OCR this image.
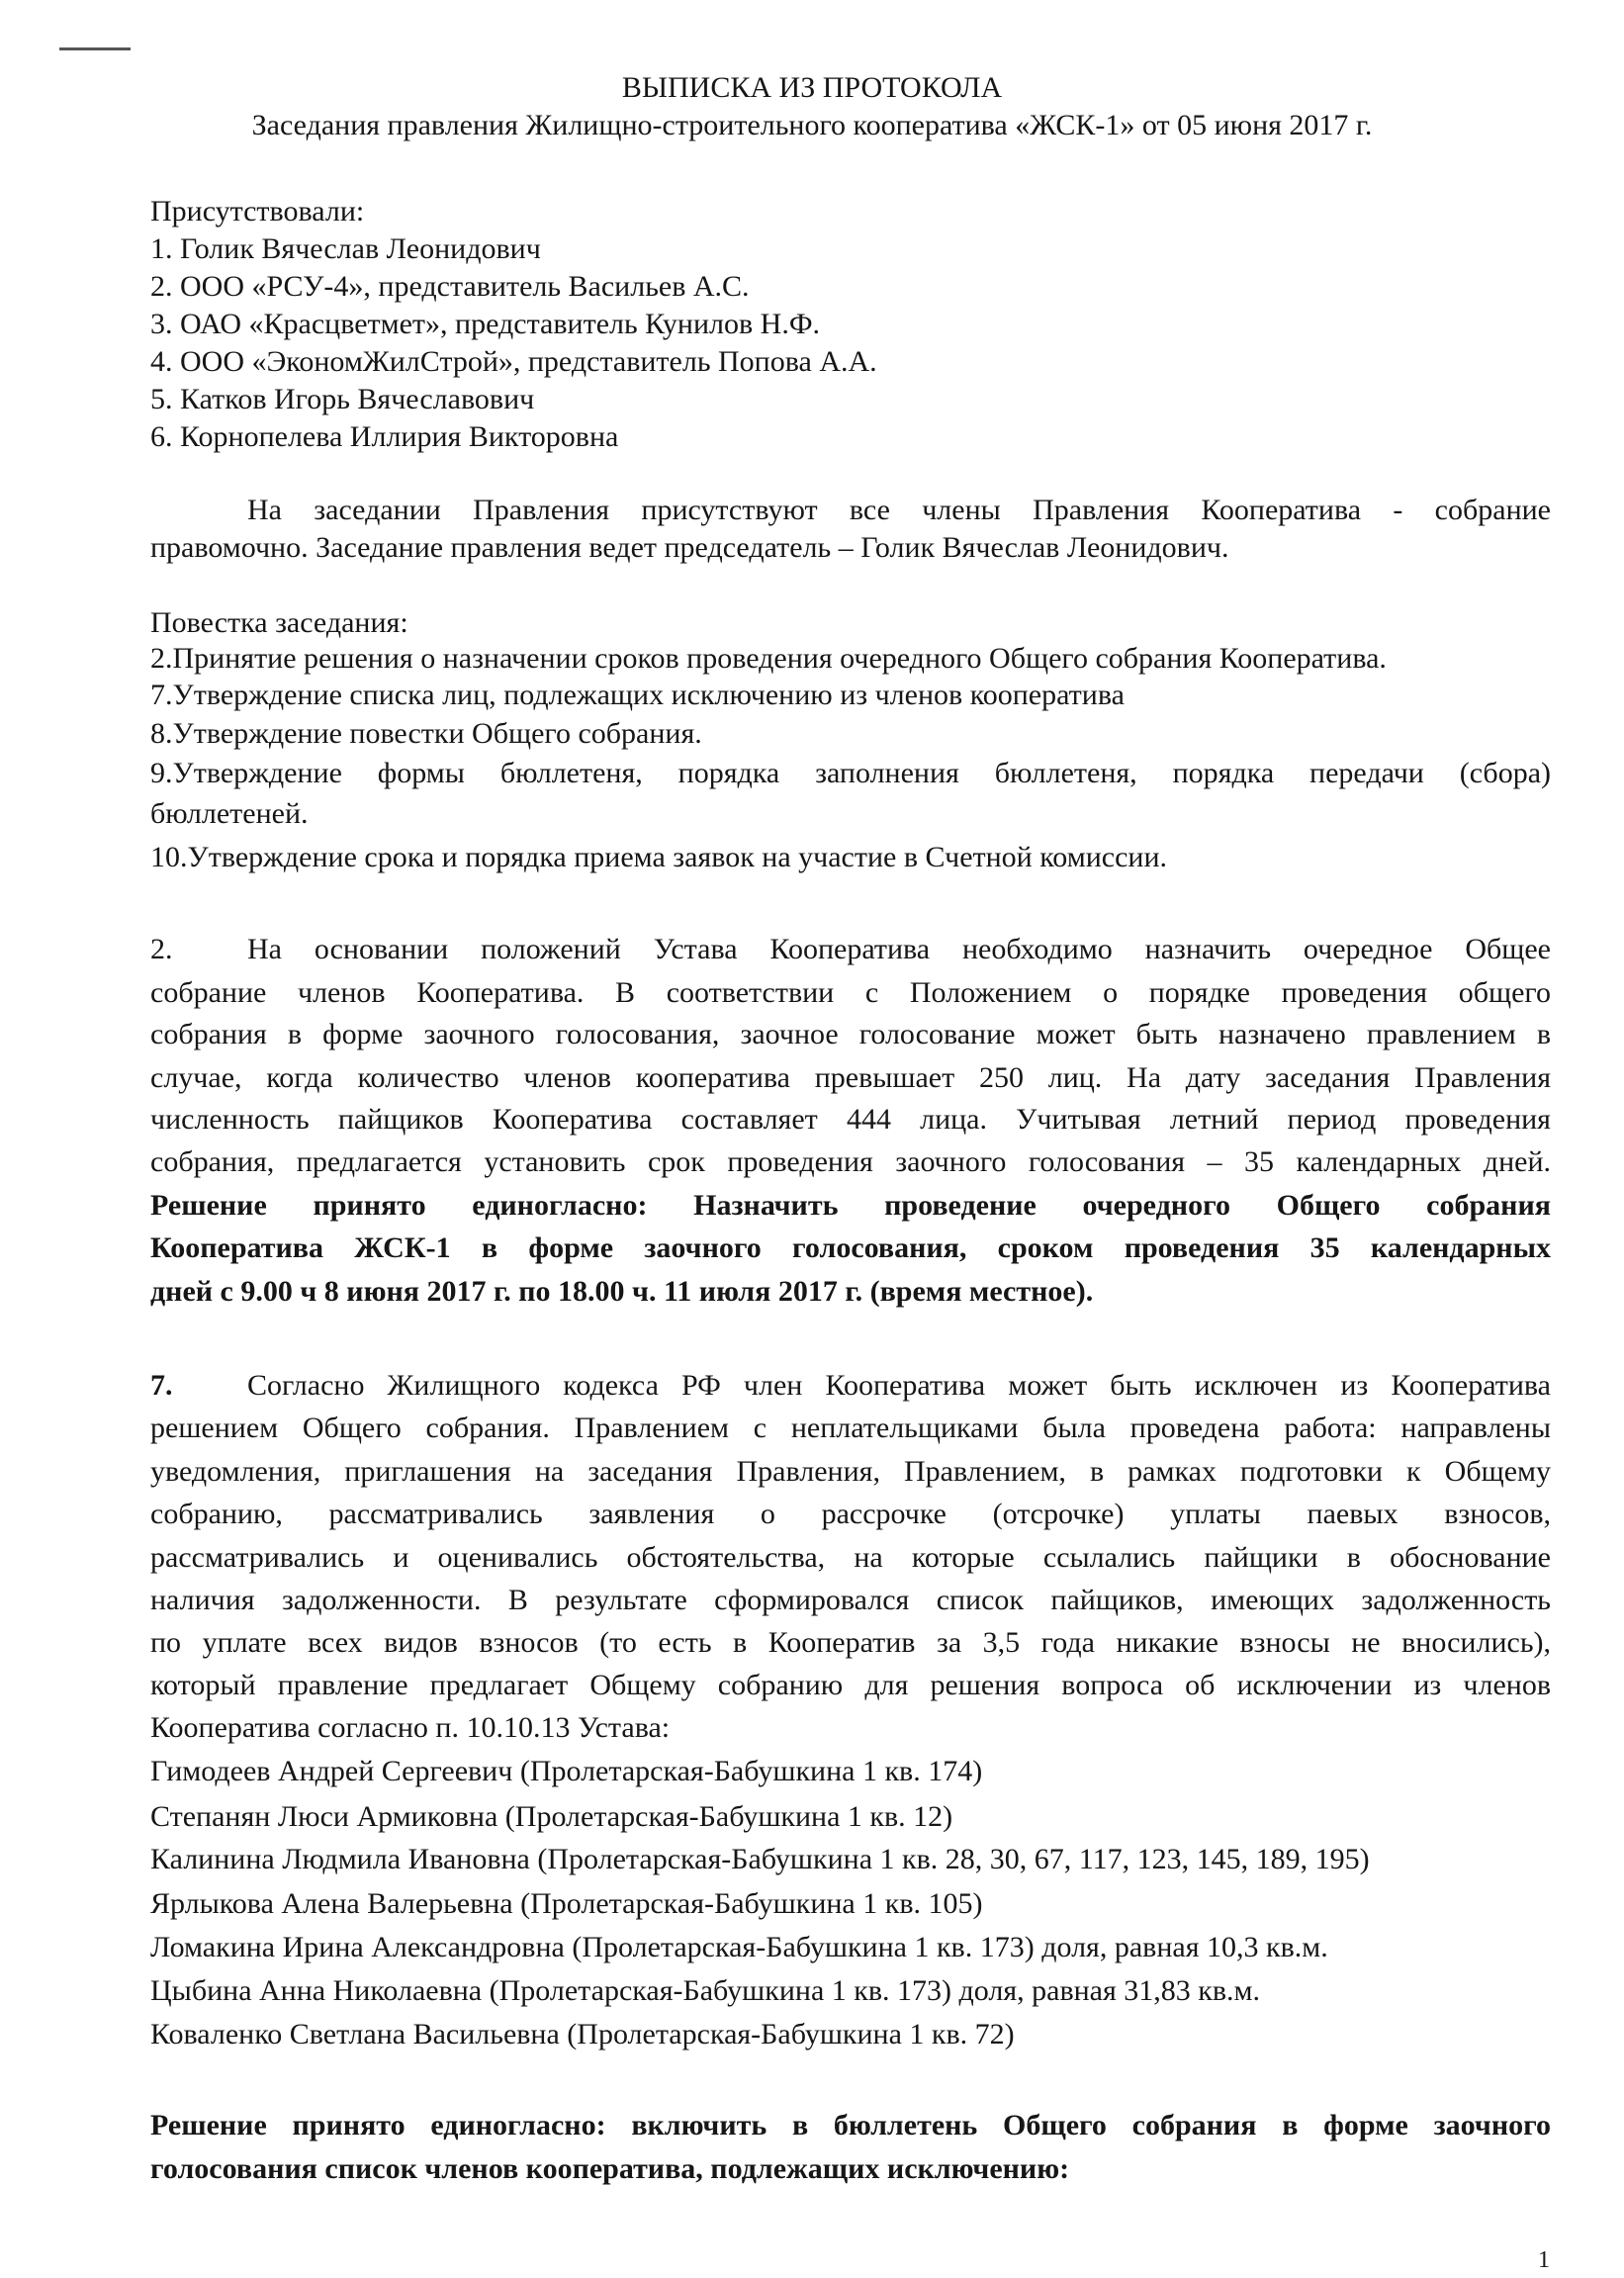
ВЫПИСКА ИЗ ПРОТОКОЛА
Заседания правления Жилищно-строительного кооператива «ЖСК-1» от 05 июня 2017 г.
Присутствовали:
1. Голик Вячеслав Леонидович
2. ООО «РСУ-4», представитель Васильев А.С.
3. ОАО «Красцветмет», представитель Кунилов Н.Ф.
4. ООО «ЭкономЖилСтрой», представитель Попова А.А.
5. Катков Игорь Вячеславович
6. Корнопелева Иллирия Викторовна
На заседании Правления присутствуют все члены Правления Кооператива - собрание
правомочно. Заседание правления ведет председатель – Голик Вячеслав Леонидович.
Повестка заседания:
2.Принятие решения о назначении сроков проведения очередного Общего собрания Кооператива.
7.Утверждение списка лиц, подлежащих исключению из членов кооператива
8.Утверждение повестки Общего собрания.
9.Утверждение формы бюллетеня, порядка заполнения бюллетеня, порядка передачи (сбора)
бюллетеней.
10.Утверждение срока и порядка приема заявок на участие в Счетной комиссии.
2.	На основании положений Устава Кооператива необходимо назначить очередное Общее
собрание членов Кооператива. В соответствии с Положением о порядке проведения общего
собрания в форме заочного голосования, заочное голосование может быть назначено правлением в
случае, когда количество членов кооператива превышает 250 лиц. На дату заседания Правления
численность пайщиков Кооператива составляет 444 лица. Учитывая летний период проведения
собрания, предлагается установить срок проведения заочного голосования – 35 календарных дней.
Решение принято единогласно: Назначить проведение очередного Общего собрания
Кооператива ЖСК-1 в форме заочного голосования, сроком проведения 35 календарных
дней с 9.00 ч 8 июня 2017 г. по 18.00 ч. 11 июля 2017 г. (время местное).
7.	Согласно Жилищного кодекса РФ член Кооператива может быть исключен из Кооператива
решением Общего собрания. Правлением с неплательщиками была проведена работа: направлены
уведомления, приглашения на заседания Правления, Правлением, в рамках подготовки к Общему
собранию, рассматривались заявления о рассрочке (отсрочке) уплаты паевых взносов,
рассматривались и оценивались обстоятельства, на которые ссылались пайщики в обоснование
наличия задолженности. В результате сформировался список пайщиков, имеющих задолженность
по уплате всех видов взносов (то есть в Кооператив за 3,5 года никакие взносы не вносились),
который правление предлагает Общему собранию для решения вопроса об исключении из членов
Кооператива согласно п. 10.10.13 Устава:
Гимодеев Андрей Сергеевич (Пролетарская-Бабушкина 1 кв. 174)
Степанян Люси Армиковна (Пролетарская-Бабушкина 1 кв. 12)
Калинина Людмила Ивановна (Пролетарская-Бабушкина 1 кв. 28, 30, 67, 117, 123, 145, 189, 195)
Ярлыкова Алена Валерьевна (Пролетарская-Бабушкина 1 кв. 105)
Ломакина Ирина Александровна (Пролетарская-Бабушкина 1 кв. 173) доля, равная 10,3 кв.м.
Цыбина Анна Николаевна (Пролетарская-Бабушкина 1 кв. 173) доля, равная 31,83 кв.м.
Коваленко Светлана Васильевна (Пролетарская-Бабушкина 1 кв. 72)
Решение принято единогласно: включить в бюллетень Общего собрания в форме заочного
голосования список членов кооператива, подлежащих исключению:
1
